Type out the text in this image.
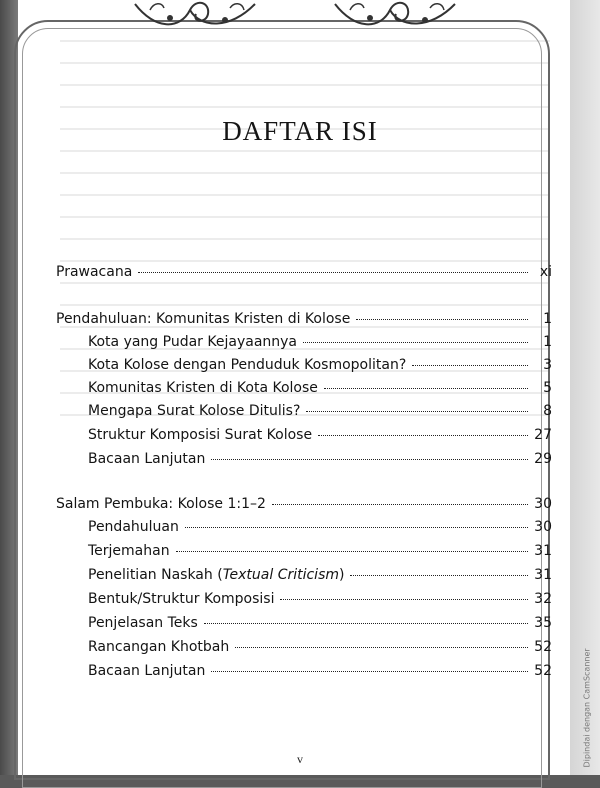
DAFTAR ISI
Prawacana	xi
Pendahuluan: Komunitas Kristen di Kolose	1
Kota yang Pudar Kejayaannya	1
Kota Kolose dengan Penduduk Kosmopolitan?	3
Komunitas Kristen di Kota Kolose	5
Mengapa Surat Kolose Ditulis?	8
Struktur Komposisi Surat Kolose	27
Bacaan Lanjutan	29
Salam Pembuka: Kolose 1:1–2	30
Pendahuluan	30
Terjemahan	31
Penelitian Naskah (Textual Criticism)	31
Bentuk/Struktur Komposisi	32
Penjelasan Teks	35
Rancangan Khotbah	52
Bacaan Lanjutan	52
v	Dipindai dengan CamScanner
